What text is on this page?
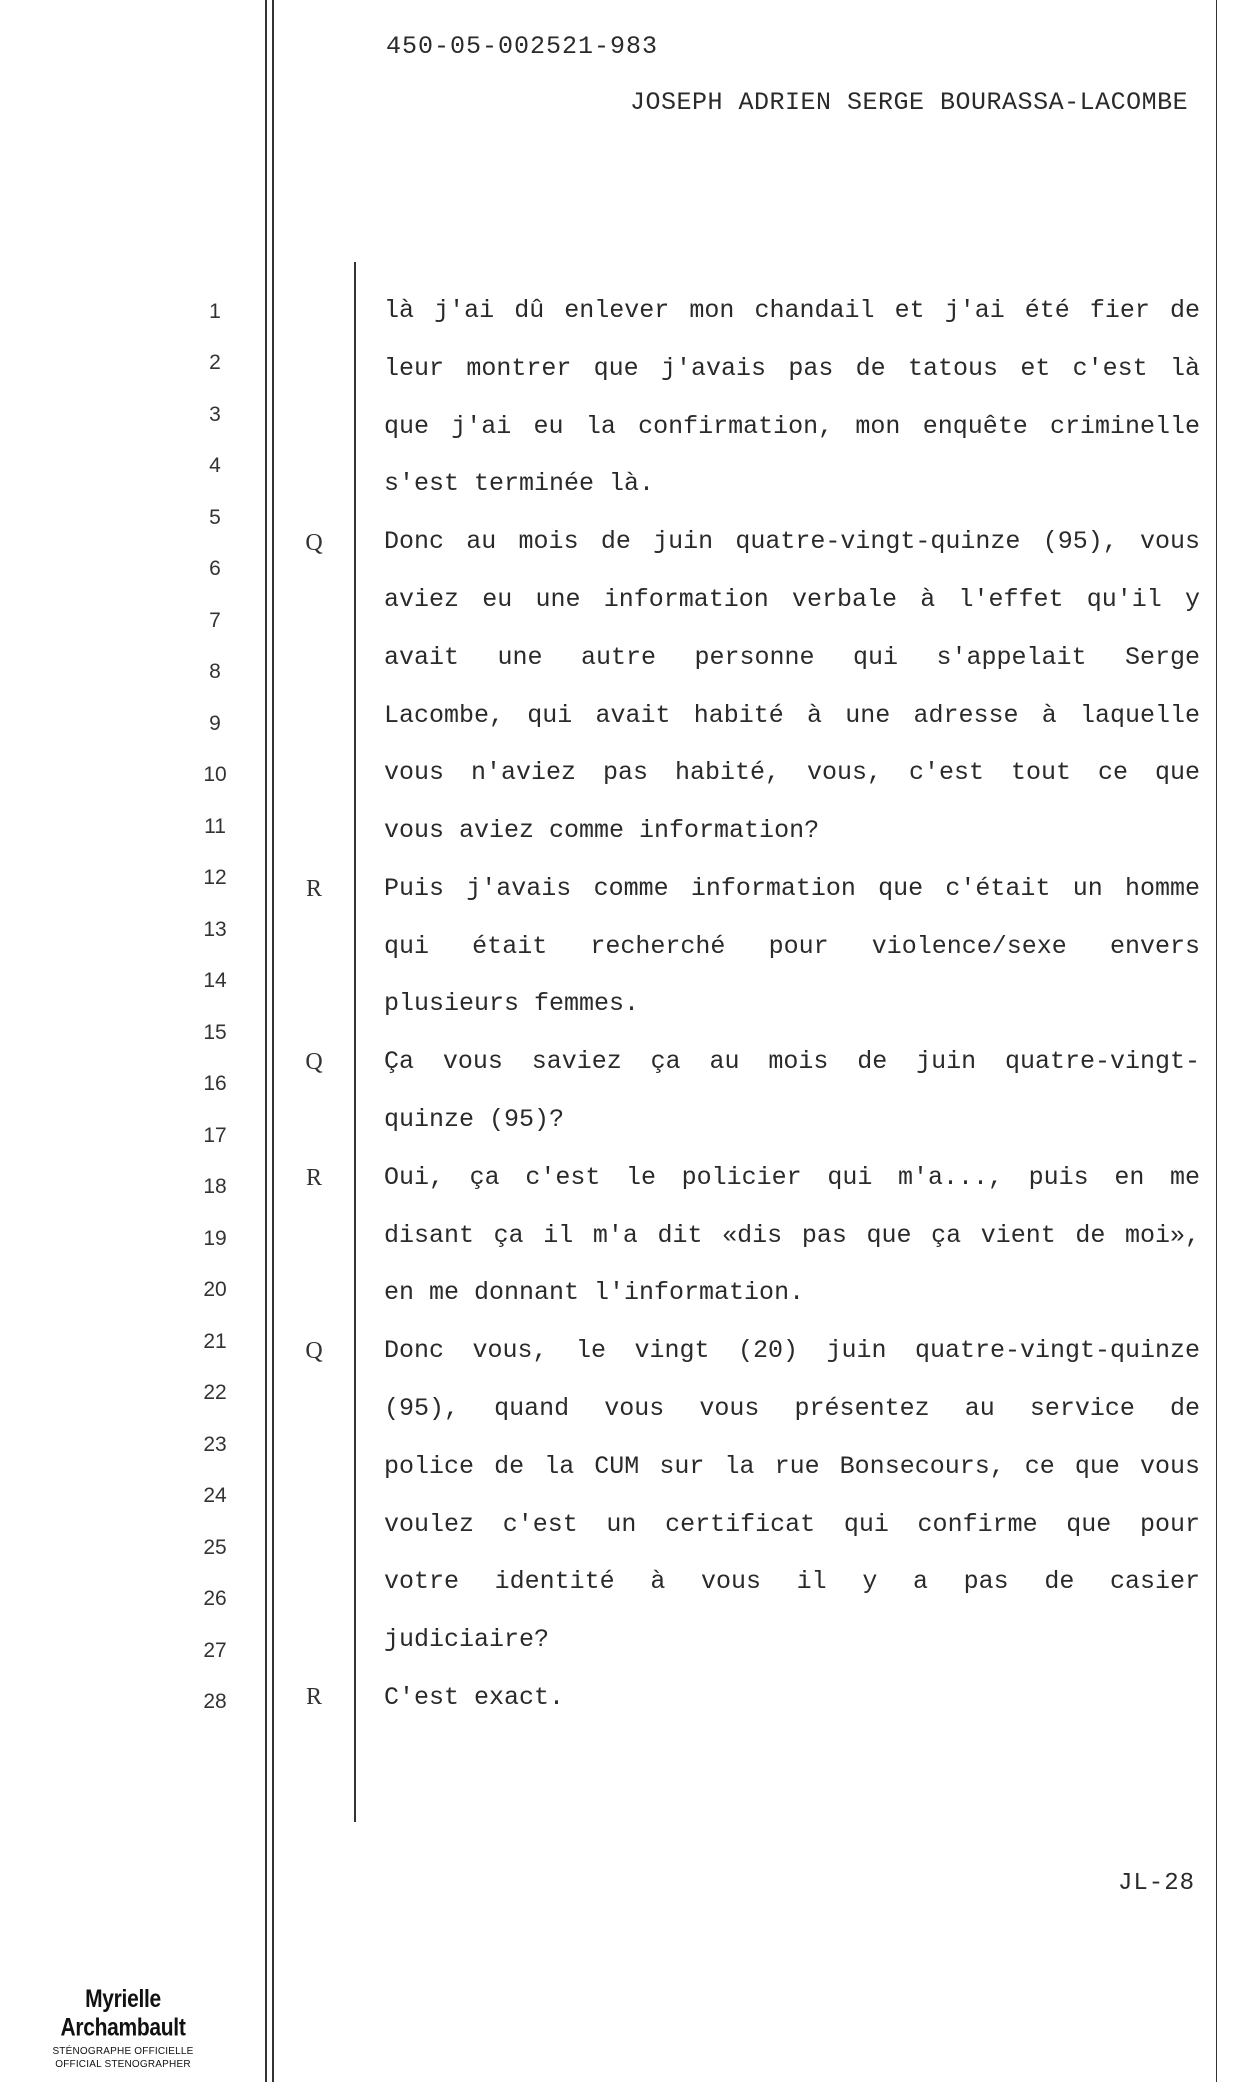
450-05-002521-983
JOSEPH ADRIEN SERGE BOURASSA-LACOMBE
1
2
3
4
5
6
7
8
9
10
11
12
13
14
15
16
17
18
19
20
21
22
23
24
25
26
27
28
Q
R
Q
R
Q
R
là j'ai dû enlever mon chandail et j'ai été fier de
leur montrer que j'avais pas de tatous et c'est là
que j'ai eu la confirmation, mon enquête criminelle
s'est terminée là.
Donc au mois de juin quatre-vingt-quinze (95), vous
aviez eu une information verbale à l'effet qu'il y
avait une autre personne qui s'appelait Serge
Lacombe, qui avait habité à une adresse à laquelle
vous n'aviez pas habité, vous, c'est tout ce que
vous aviez comme information?
Puis j'avais comme information que c'était un homme
qui était recherché pour violence/sexe envers
plusieurs femmes.
Ça vous saviez ça au mois de juin quatre-vingt-
quinze (95)?
Oui, ça c'est le policier qui m'a..., puis en me
disant ça il m'a dit «dis pas que ça vient de moi»,
en me donnant l'information.
Donc vous, le vingt (20) juin quatre-vingt-quinze
(95), quand vous vous présentez au service de
police de la CUM sur la rue Bonsecours, ce que vous
voulez c'est un certificat qui confirme que pour
votre identité à vous il y a pas de casier
judiciaire?
C'est exact.
JL-28
Myrielle Archambault
STÉNOGRAPHE OFFICIELLE
OFFICIAL STENOGRAPHER
